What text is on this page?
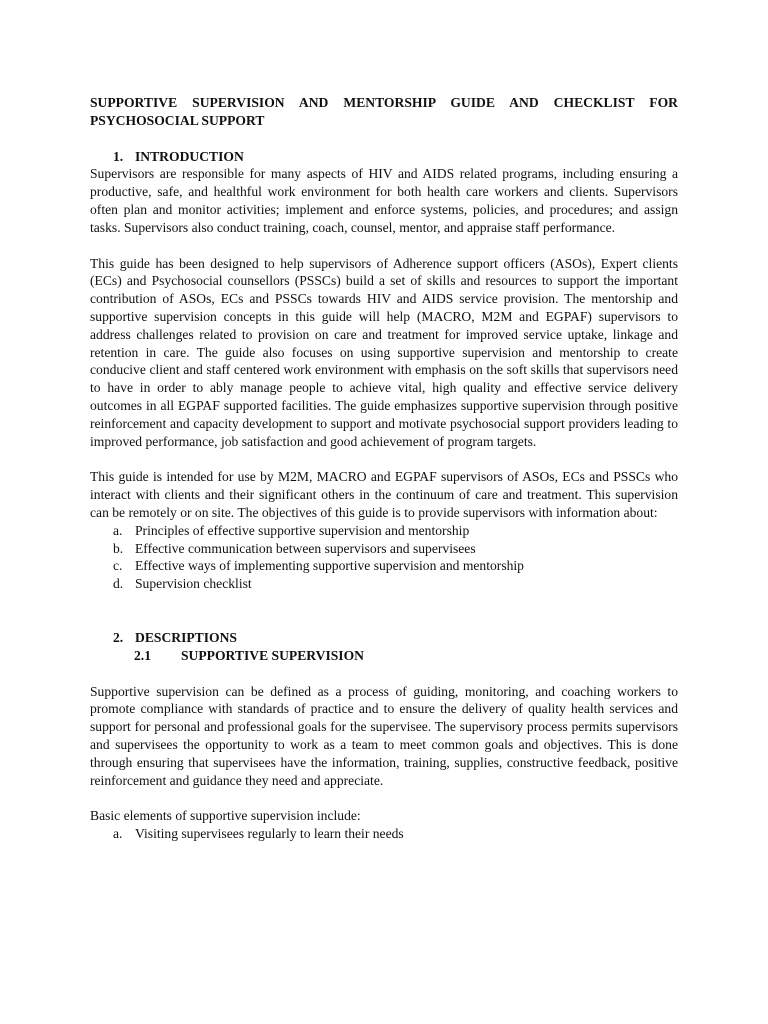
SUPPORTIVE SUPERVISION AND MENTORSHIP GUIDE AND CHECKLIST FOR PSYCHOSOCIAL SUPPORT

1. INTRODUCTION

Supervisors are responsible for many aspects of HIV and AIDS related programs, including ensuring a productive, safe, and healthful work environment for both health care workers and clients. Supervisors often plan and monitor activities; implement and enforce systems, policies, and procedures; and assign tasks. Supervisors also conduct training, coach, counsel, mentor, and appraise staff performance.

This guide has been designed to help supervisors of Adherence support officers (ASOs), Expert clients (ECs) and Psychosocial counsellors (PSSCs) build a set of skills and resources to support the important contribution of ASOs, ECs and PSSCs towards HIV and AIDS service provision. The mentorship and supportive supervision concepts in this guide will help (MACRO, M2M and EGPAF) supervisors to address challenges related to provision on care and treatment for improved service uptake, linkage and retention in care. The guide also focuses on using supportive supervision and mentorship to create conducive client and staff centered work environment with emphasis on the soft skills that supervisors need to have in order to ably manage people to achieve vital, high quality and effective service delivery outcomes in all EGPAF supported facilities. The guide emphasizes supportive supervision through positive reinforcement and capacity development to support and motivate psychosocial support providers leading to improved performance, job satisfaction and good achievement of program targets.

This guide is intended for use by M2M, MACRO and EGPAF supervisors of ASOs, ECs and PSSCs who interact with clients and their significant others in the continuum of care and treatment. This supervision can be remotely or on site. The objectives of this guide is to provide supervisors with information about:

a. Principles of effective supportive supervision and mentorship
b. Effective communication between supervisors and supervisees
c. Effective ways of implementing supportive supervision and mentorship
d. Supervision checklist

2. DESCRIPTIONS

2.1 SUPPORTIVE SUPERVISION

Supportive supervision can be defined as a process of guiding, monitoring, and coaching workers to promote compliance with standards of practice and to ensure the delivery of quality health services and support for personal and professional goals for the supervisee. The supervisory process permits supervisors and supervisees the opportunity to work as a team to meet common goals and objectives. This is done through ensuring that supervisees have the information, training, supplies, constructive feedback, positive reinforcement and guidance they need and appreciate.

Basic elements of supportive supervision include:

a. Visiting supervisees regularly to learn their needs
